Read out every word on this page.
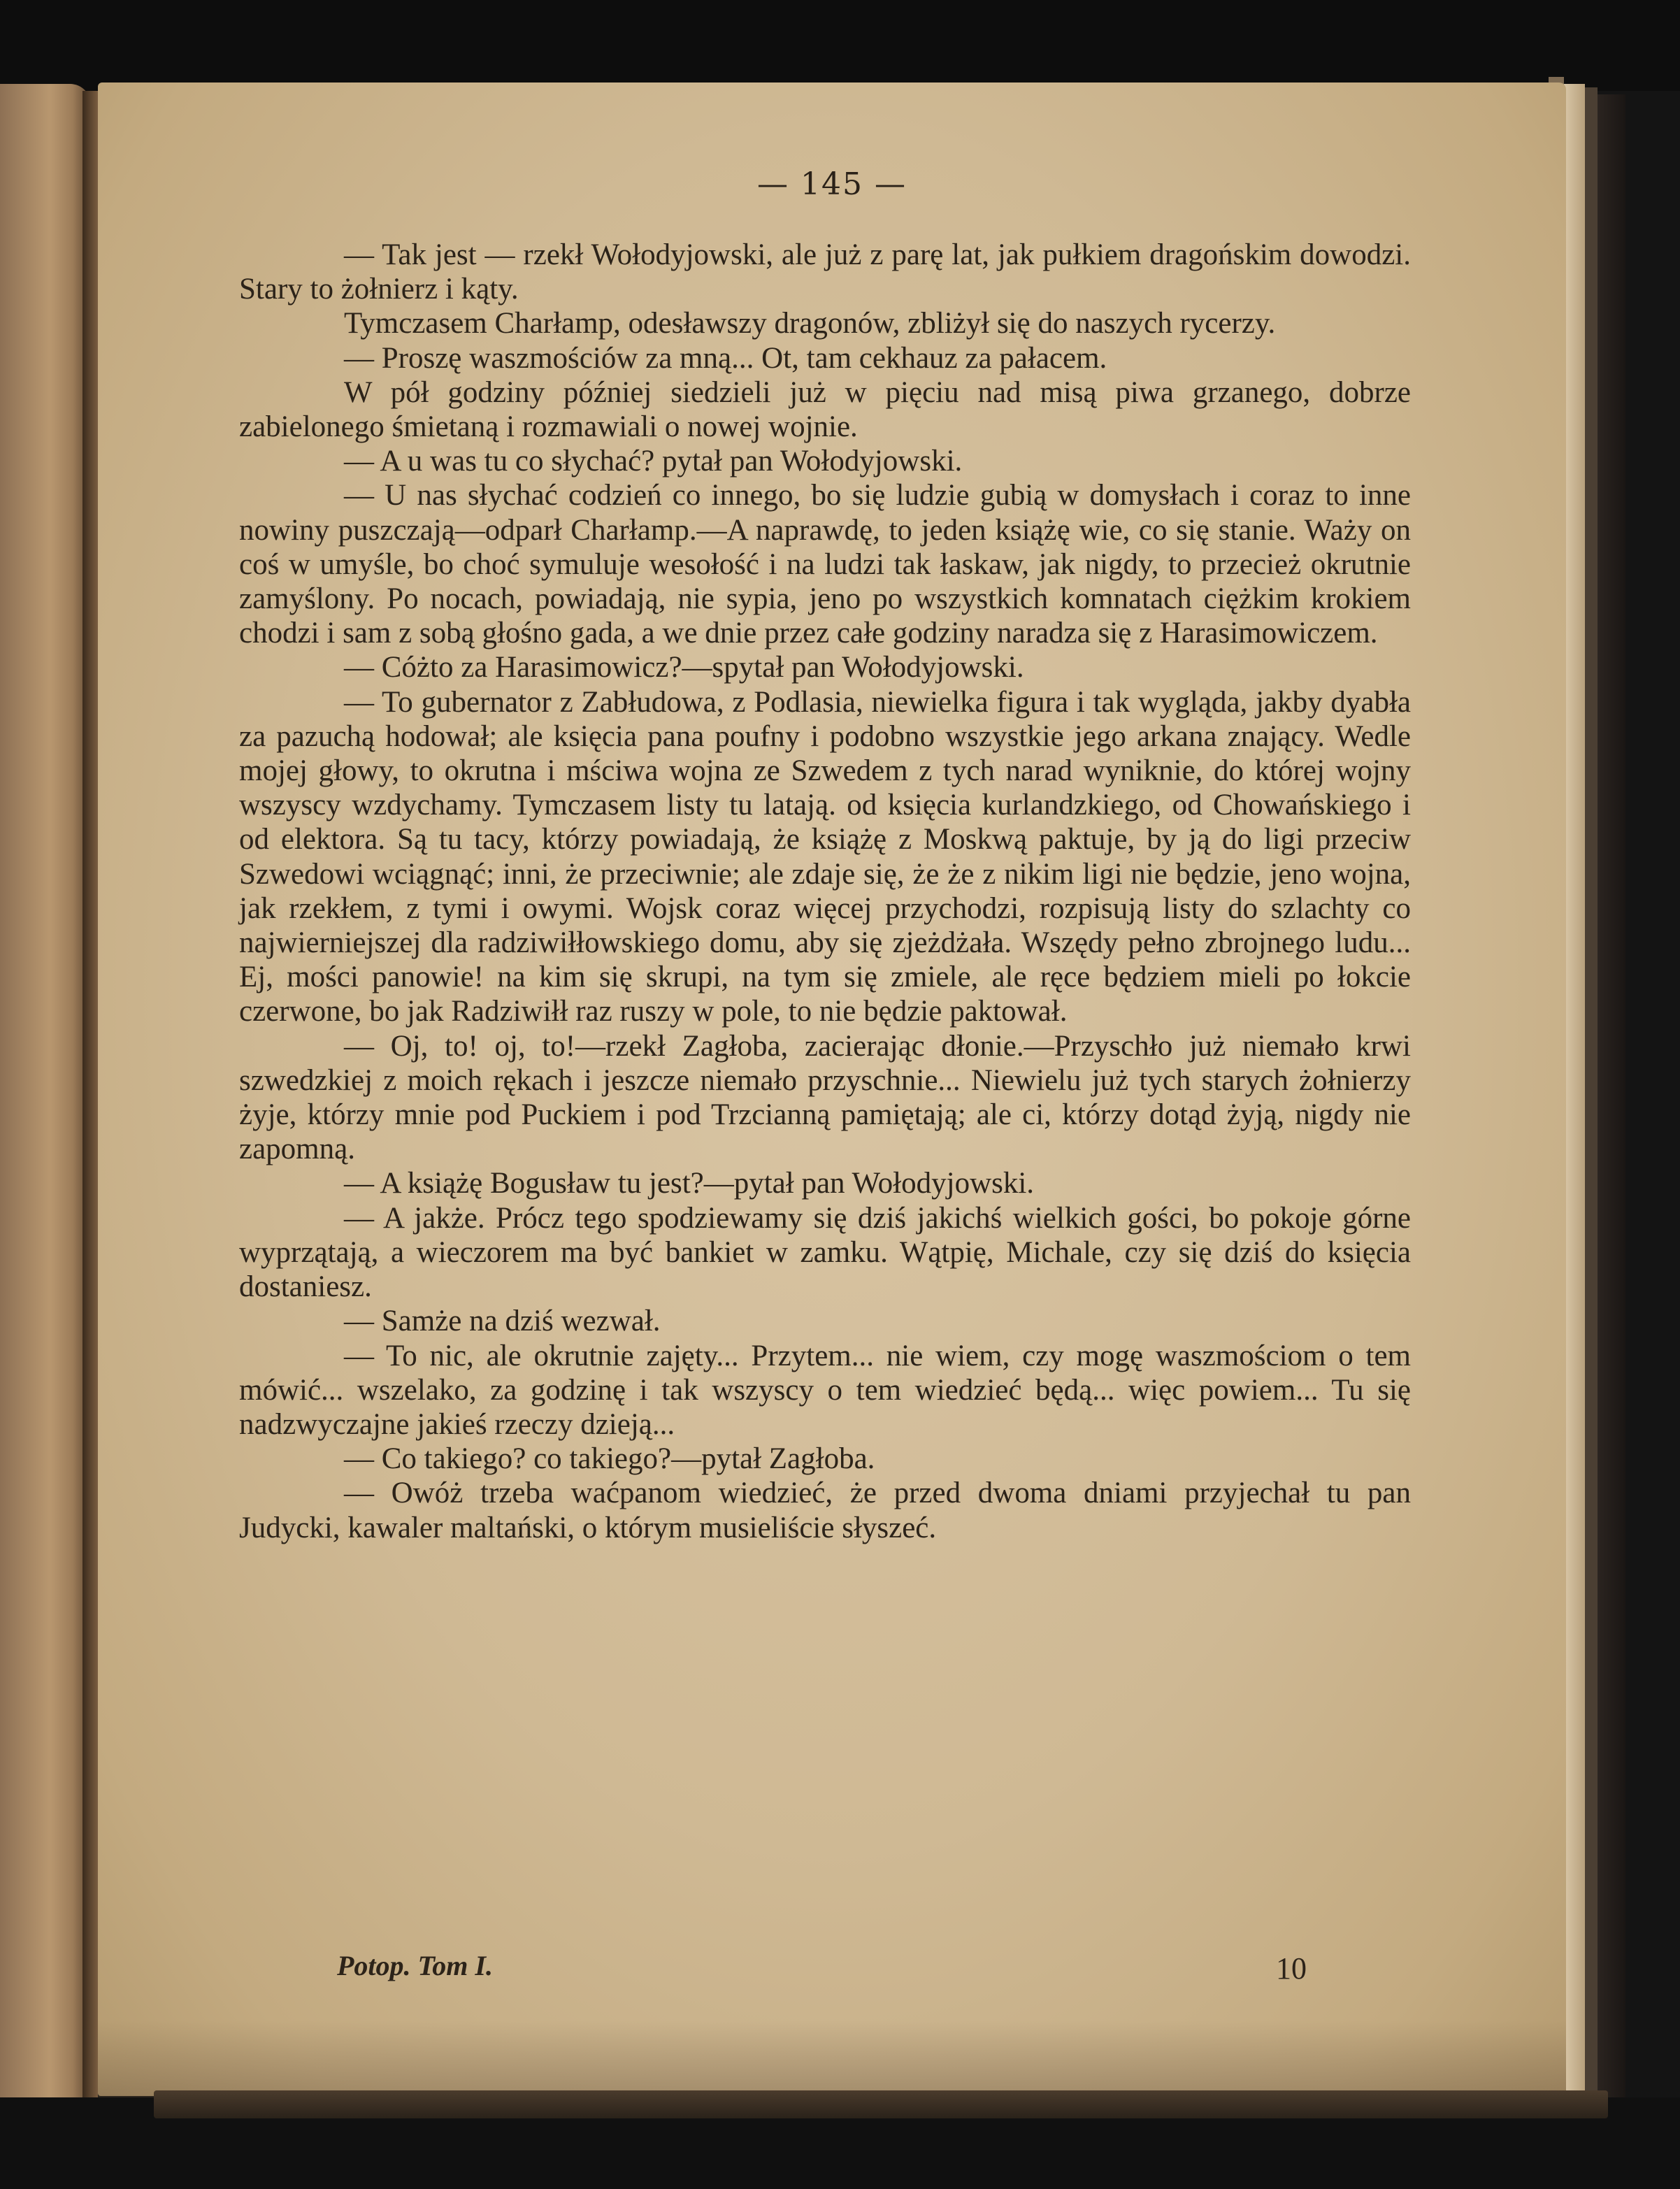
— 145 —

— Tak jest — rzekł Wołodyjowski, ale już z parę lat, jak pułkiem dragońskim dowodzi. Stary to żołnierz i kąty.

Tymczasem Charłamp, odesławszy dragonów, zbliżył się do naszych rycerzy.

— Proszę waszmościów za mną... Ot, tam cekhauz za pałacem.

W pół godziny później siedzieli już w pięciu nad misą piwa grzanego, dobrze zabielonego śmietaną i rozmawiali o nowej wojnie.

— A u was tu co słychać? pytał pan Wołodyjowski.

— U nas słychać codzień co innego, bo się ludzie gubią w domysłach i coraz to inne nowiny puszczają—odparł Charłamp.—A naprawdę, to jeden książę wie, co się stanie. Waży on coś w umyśle, bo choć symuluje wesołość i na ludzi tak łaskaw, jak nigdy, to przecież okrutnie zamyślony. Po nocach, powiadają, nie sypia, jeno po wszystkich komnatach ciężkim krokiem chodzi i sam z sobą głośno gada, a we dnie przez całe godziny naradza się z Harasimowiczem.

— Cóżto za Harasimowicz?—spytał pan Wołodyjowski.

— To gubernator z Zabłudowa, z Podlasia, niewielka figura i tak wygląda, jakby dyabła za pazuchą hodował; ale księcia pana poufny i podobno wszystkie jego arkana znający. Wedle mojej głowy, to okrutna i mściwa wojna ze Szwedem z tych narad wyniknie, do której wojny wszyscy wzdychamy. Tymczasem listy tu latają. od księcia kurlandzkiego, od Chowańskiego i od elektora. Są tu tacy, którzy powiadają, że książę z Moskwą paktuje, by ją do ligi przeciw Szwedowi wciągnąć; inni, że przeciwnie; ale zdaje się, że że z nikim ligi nie będzie, jeno wojna, jak rzekłem, z tymi i owymi. Wojsk coraz więcej przychodzi, rozpisują listy do szlachty co najwierniejszej dla radziwiłłowskiego domu, aby się zjeżdżała. Wszędy pełno zbrojnego ludu... Ej, mości panowie! na kim się skrupi, na tym się zmiele, ale ręce będziem mieli po łokcie czerwone, bo jak Radziwiłł raz ruszy w pole, to nie będzie paktował.

— Oj, to! oj, to!—rzekł Zagłoba, zacierając dłonie.—Przyschło już niemało krwi szwedzkiej z moich rękach i jeszcze niemało przyschnie... Niewielu już tych starych żołnierzy żyje, którzy mnie pod Puckiem i pod Trzcianną pamiętają; ale ci, którzy dotąd żyją, nigdy nie zapomną.

— A książę Bogusław tu jest?—pytał pan Wołodyjowski.

— A jakże. Prócz tego spodziewamy się dziś jakichś wielkich gości, bo pokoje górne wyprzątają, a wieczorem ma być bankiet w zamku. Wątpię, Michale, czy się dziś do księcia dostaniesz.

— Samże na dziś wezwał.

— To nic, ale okrutnie zajęty... Przytem... nie wiem, czy mogę waszmościom o tem mówić... wszelako, za godzinę i tak wszyscy o tem wiedzieć będą... więc powiem... Tu się nadzwyczajne jakieś rzeczy dzieją...

— Co takiego? co takiego?—pytał Zagłoba.

— Owóż trzeba waćpanom wiedzieć, że przed dwoma dniami przyjechał tu pan Judycki, kawaler maltański, o którym musieliście słyszeć.

Potop. Tom I.	10
